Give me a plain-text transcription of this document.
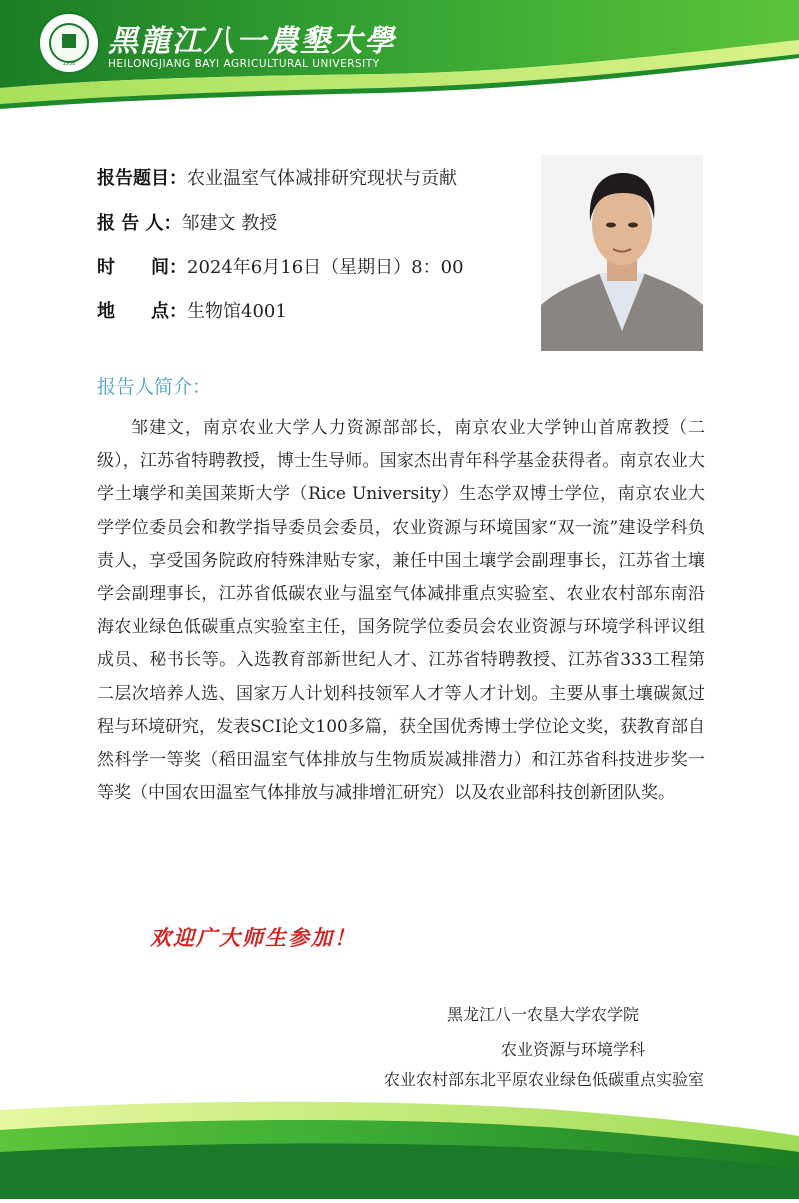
1958
黑龍江八一農墾大學
HEILONGJIANG BAYI AGRICULTURAL UNIVERSITY
报告题目：农业温室气体减排研究现状与贡献
报 告 人：邹建文 教授
时　　间：2024年6月16日（星期日）8：00
地　　点：生物馆4001
报告人简介：
邹建文，南京农业大学人力资源部部长，南京农业大学钟山首席教授（二级），江苏省特聘教授，博士生导师。国家杰出青年科学基金获得者。南京农业大学土壤学和美国莱斯大学（Rice University）生态学双博士学位，南京农业大学学位委员会和教学指导委员会委员，农业资源与环境国家“双一流”建设学科负责人，享受国务院政府特殊津贴专家，兼任中国土壤学会副理事长，江苏省土壤学会副理事长，江苏省低碳农业与温室气体减排重点实验室、农业农村部东南沿海农业绿色低碳重点实验室主任，国务院学位委员会农业资源与环境学科评议组成员、秘书长等。入选教育部新世纪人才、江苏省特聘教授、江苏省333工程第二层次培养人选、国家万人计划科技领军人才等人才计划。主要从事土壤碳氮过程与环境研究，发表SCI论文100多篇，获全国优秀博士学位论文奖，获教育部自然科学一等奖（稻田温室气体排放与生物质炭减排潜力）和江苏省科技进步奖一等奖（中国农田温室气体排放与减排增汇研究）以及农业部科技创新团队奖。
欢迎广大师生参加！
黑龙江八一农垦大学农学院
农业资源与环境学科
农业农村部东北平原农业绿色低碳重点实验室
